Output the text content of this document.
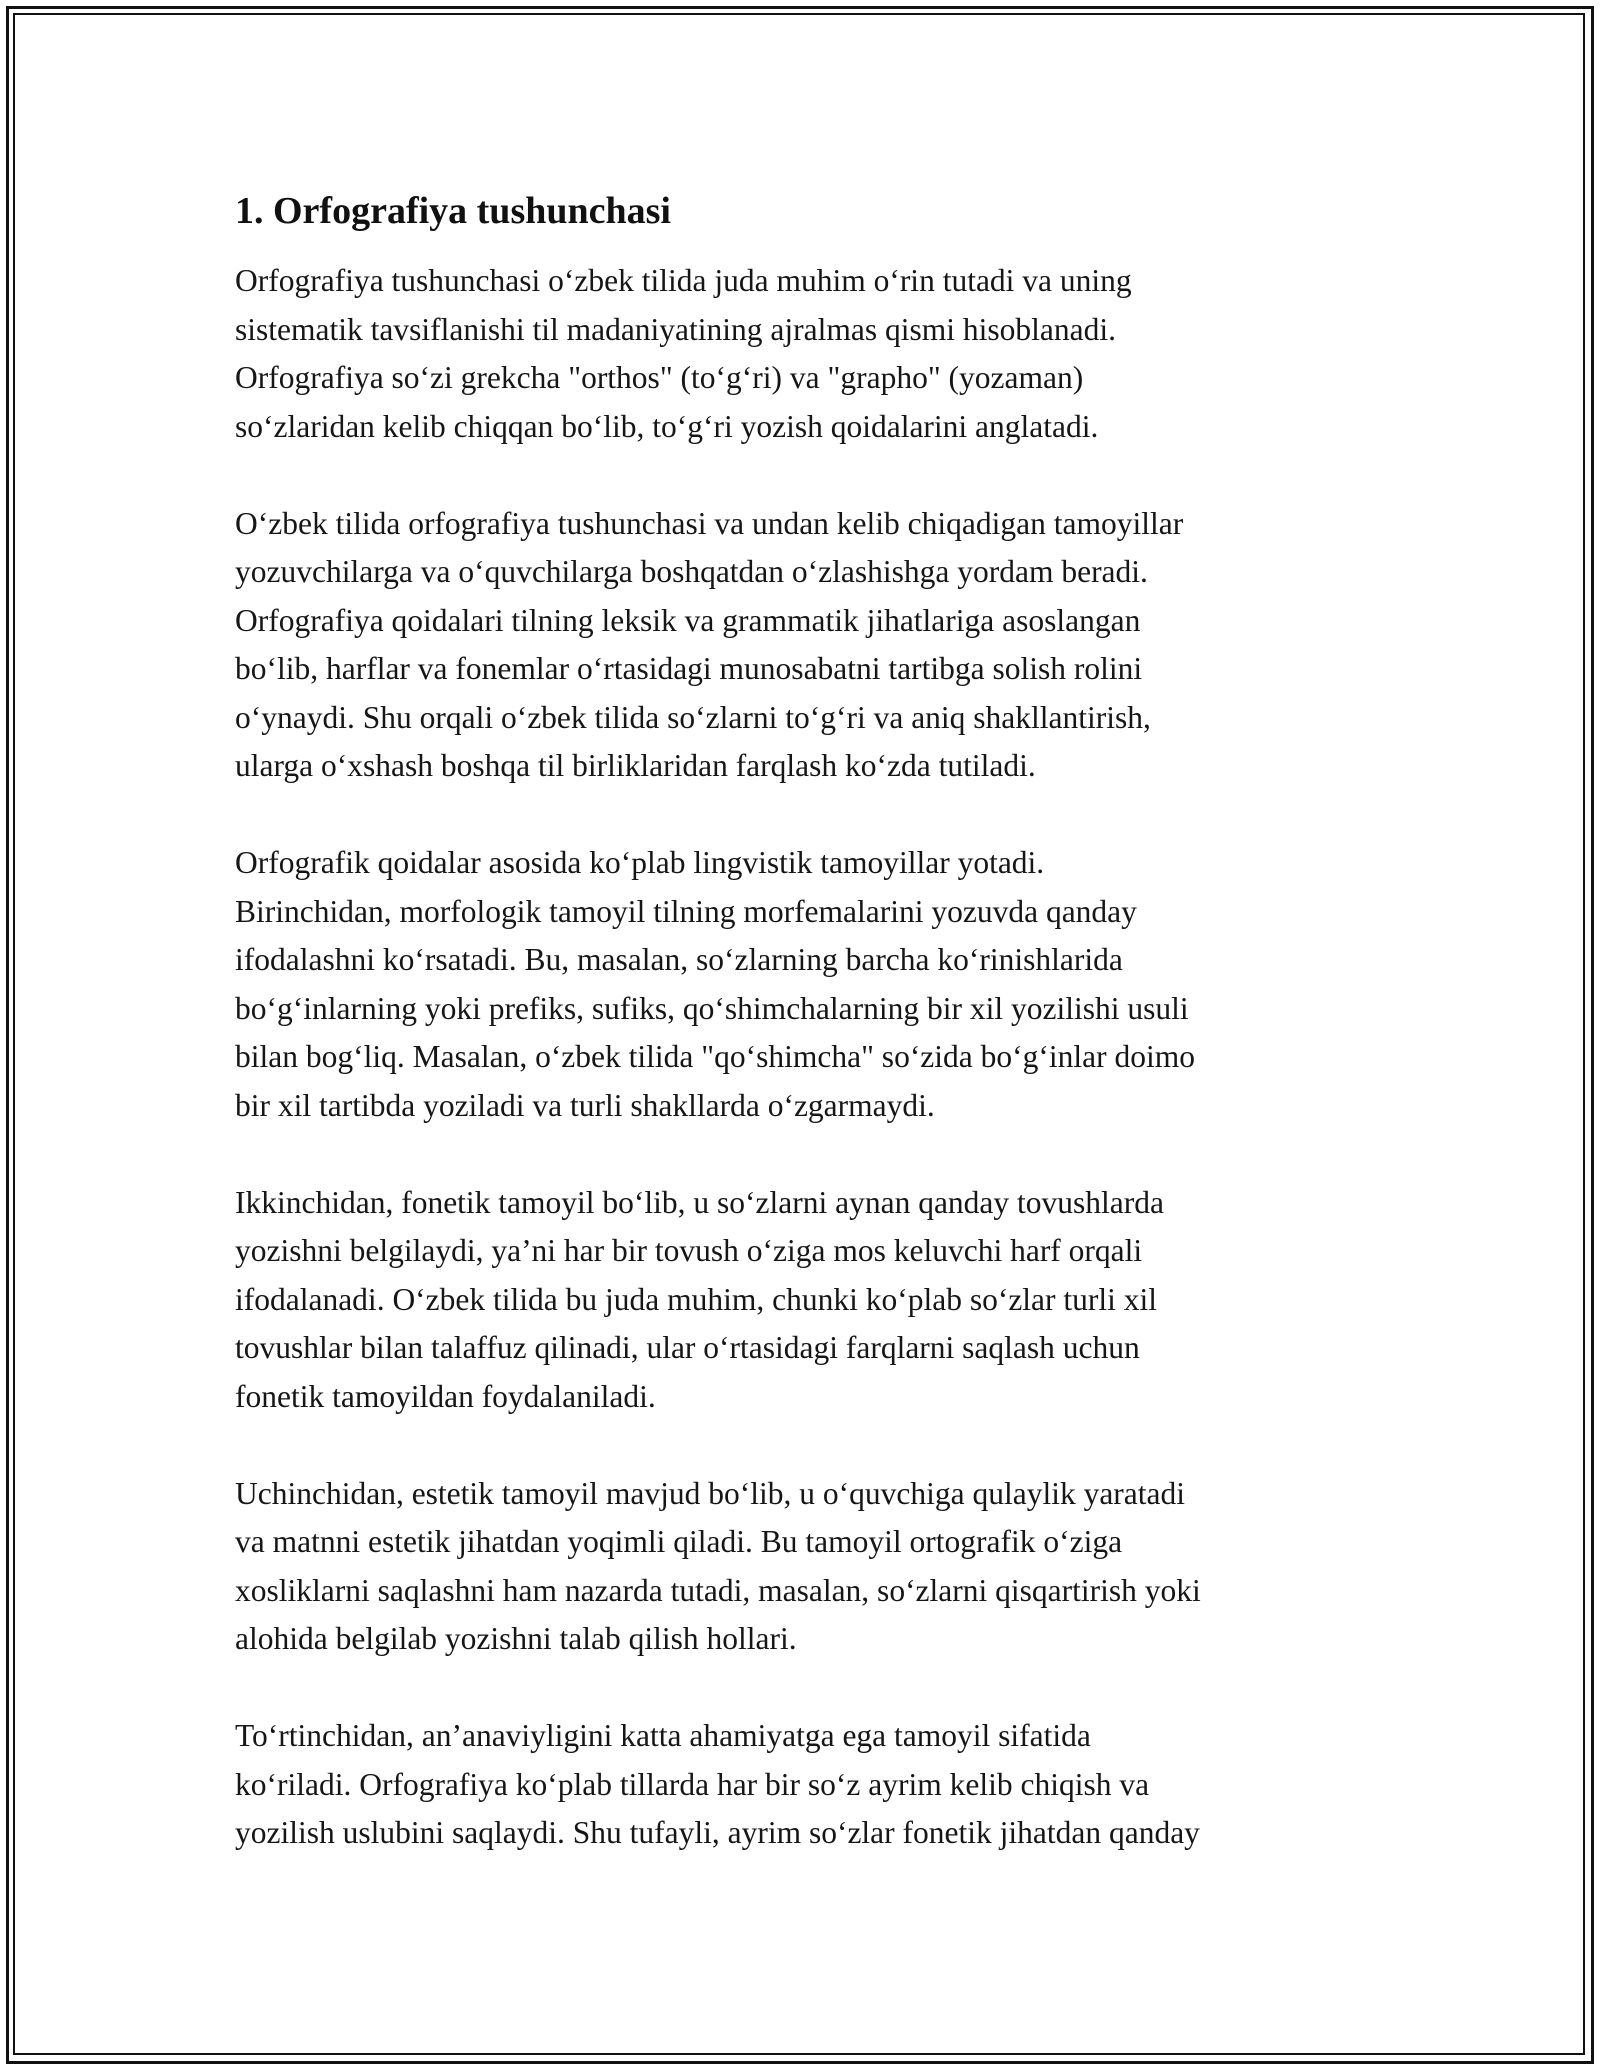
1. Orfografiya tushunchasi

Orfografiya tushunchasi o‘zbek tilida juda muhim o‘rin tutadi va uning
sistematik tavsiflanishi til madaniyatining ajralmas qismi hisoblanadi.
Orfografiya so‘zi grekcha "orthos" (to‘g‘ri) va "grapho" (yozaman)
so‘zlaridan kelib chiqqan bo‘lib, to‘g‘ri yozish qoidalarini anglatadi.

O‘zbek tilida orfografiya tushunchasi va undan kelib chiqadigan tamoyillar
yozuvchilarga va o‘quvchilarga boshqatdan o‘zlashishga yordam beradi.
Orfografiya qoidalari tilning leksik va grammatik jihatlariga asoslangan
bo‘lib, harflar va fonemlar o‘rtasidagi munosabatni tartibga solish rolini
o‘ynaydi. Shu orqali o‘zbek tilida so‘zlarni to‘g‘ri va aniq shakllantirish,
ularga o‘xshash boshqa til birliklaridan farqlash ko‘zda tutiladi.

Orfografik qoidalar asosida ko‘plab lingvistik tamoyillar yotadi.
Birinchidan, morfologik tamoyil tilning morfemalarini yozuvda qanday
ifodalashni ko‘rsatadi. Bu, masalan, so‘zlarning barcha ko‘rinishlarida
bo‘g‘inlarning yoki prefiks, sufiks, qo‘shimchalarning bir xil yozilishi usuli
bilan bog‘liq. Masalan, o‘zbek tilida "qo‘shimcha" so‘zida bo‘g‘inlar doimo
bir xil tartibda yoziladi va turli shakllarda o‘zgarmaydi.

Ikkinchidan, fonetik tamoyil bo‘lib, u so‘zlarni aynan qanday tovushlarda
yozishni belgilaydi, ya’ni har bir tovush o‘ziga mos keluvchi harf orqali
ifodalanadi. O‘zbek tilida bu juda muhim, chunki ko‘plab so‘zlar turli xil
tovushlar bilan talaffuz qilinadi, ular o‘rtasidagi farqlarni saqlash uchun
fonetik tamoyildan foydalaniladi.

Uchinchidan, estetik tamoyil mavjud bo‘lib, u o‘quvchiga qulaylik yaratadi
va matnni estetik jihatdan yoqimli qiladi. Bu tamoyil ortografik o‘ziga
xosliklarni saqlashni ham nazarda tutadi, masalan, so‘zlarni qisqartirish yoki
alohida belgilab yozishni talab qilish hollari.

To‘rtinchidan, an’anaviyligini katta ahamiyatga ega tamoyil sifatida
ko‘riladi. Orfografiya ko‘plab tillarda har bir so‘z ayrim kelib chiqish va
yozilish uslubini saqlaydi. Shu tufayli, ayrim so‘zlar fonetik jihatdan qanday
